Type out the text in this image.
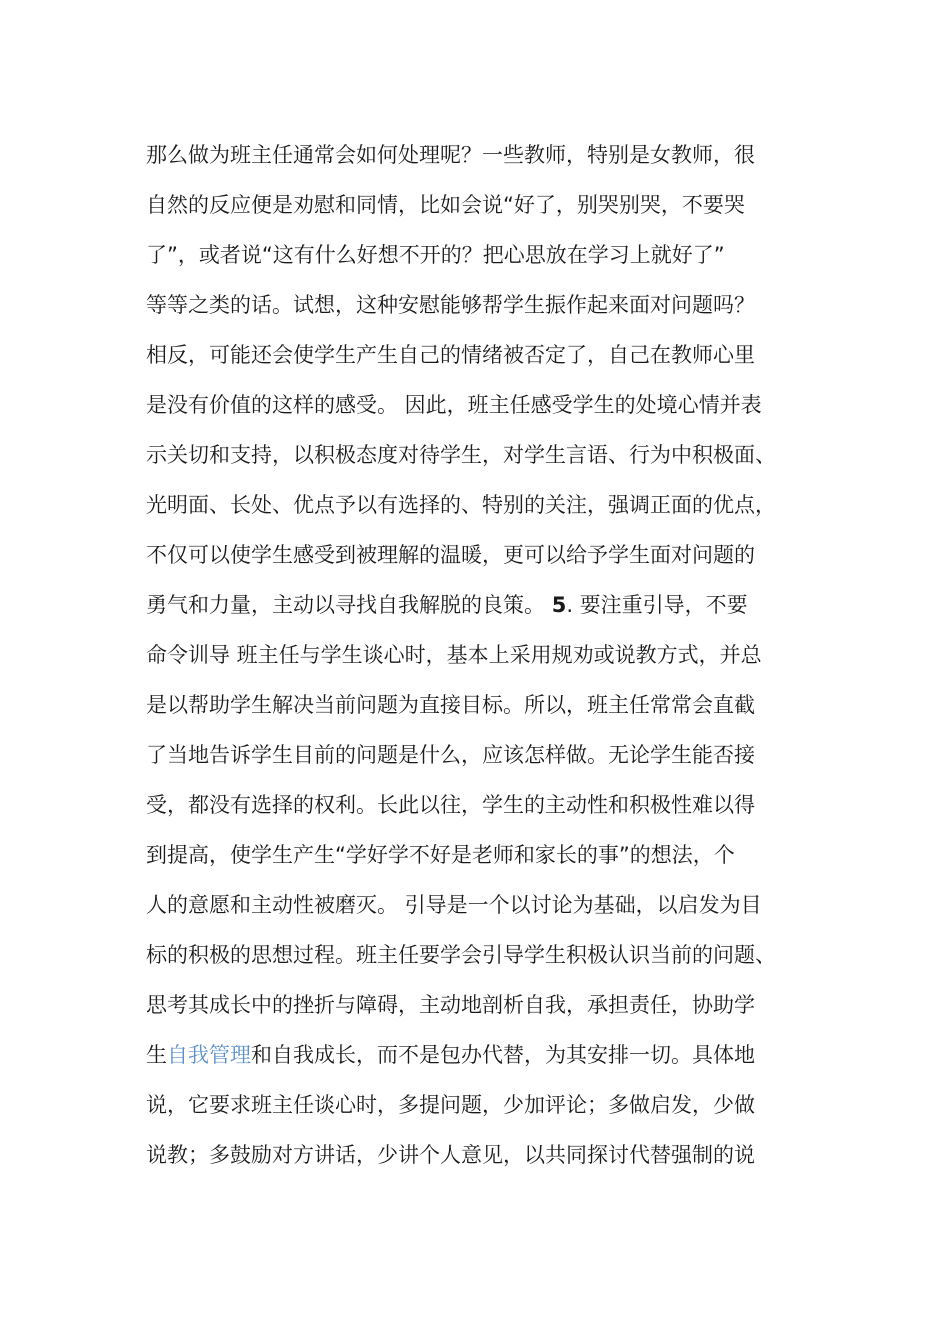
那么做为班主任通常会如何处理呢？一些教师，特别是女教师，很
自然的反应便是劝慰和同情，比如会说“好了，别哭别哭，不要哭
了”，或者说“这有什么好想不开的？把心思放在学习上就好了”
等等之类的话。试想，这种安慰能够帮学生振作起来面对问题吗？
相反，可能还会使学生产生自己的情绪被否定了，自己在教师心里
是没有价值的这样的感受。 因此，班主任感受学生的处境心情并表
示关切和支持，以积极态度对待学生，对学生言语、行为中积极面、
光明面、长处、优点予以有选择的、特别的关注，强调正面的优点，
不仅可以使学生感受到被理解的温暖，更可以给予学生面对问题的
勇气和力量，主动以寻找自我解脱的良策。 5. 要注重引导，不要
命令训导 班主任与学生谈心时，基本上采用规劝或说教方式，并总
是以帮助学生解决当前问题为直接目标。所以，班主任常常会直截
了当地告诉学生目前的问题是什么，应该怎样做。无论学生能否接
受，都没有选择的权利。长此以往，学生的主动性和积极性难以得
到提高，使学生产生“学好学不好是老师和家长的事”的想法，个
人的意愿和主动性被磨灭。 引导是一个以讨论为基础，以启发为目
标的积极的思想过程。班主任要学会引导学生积极认识当前的问题、
思考其成长中的挫折与障碍，主动地剖析自我，承担责任，协助学
生自我管理和自我成长，而不是包办代替，为其安排一切。具体地
说，它要求班主任谈心时，多提问题，少加评论；多做启发，少做
说教；多鼓励对方讲话，少讲个人意见，以共同探讨代替强制的说
